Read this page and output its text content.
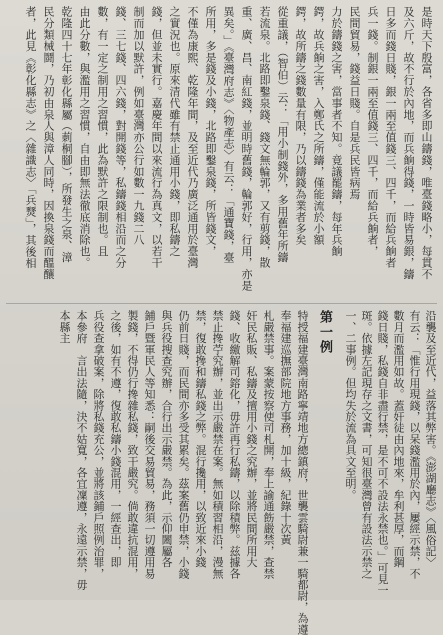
是時天下殷富，各省多即山鑄錢，唯臺錢略小，每貫不
及六斤，故不行於內地，而兵餉得錢，一時皆易銀，鑄
日多而錢日賤，銀一兩至值錢三、四千，而給兵餉者
兵一錢。制銀一兩至值錢三、四千，而給兵餉者，
民間貿易，錢益日賤。自是兵民皆病焉
力於鑄錢之害，當事者不知。竟議罷鑄，每年兵餉
鍔，故兵餉之害，入鄭氏之所鑄，僅能流於小額
鍔，故所鑄之錢數量有限，乃以鑄錢為業者多矣
從重議，（智伯）云：「用小制錢外，多用舊年所鑄
若流泉。北路即鑿泉錢、錢文無輪郭，又有剪錢，散
重、廣、昌、南紅錢，並明時舊錢，輪郭好，行用，亦是
異矣。」《臺灣府志》〈物產志〉有云：「通寶錢，臺
所用，多是錢及小錢，北路即鑿泉錢，所皆錢文，
不僅為康熙、乾隆年間，及至近代乃廣泛通用於臺灣
之實況也。原來清代雖有禁止通用小錢，即私鑄之
錢，但並未實行。嘉慶年間以來流行為真文，以若干
制而加以默許，例如臺灣亦公行如數一九錢二八
錢、三七錢、四六錢，對開錢等，私鑄錢相沿而之分
數，有一定之制用之習慣，此為默許之限制也。且
由此分數，與濫用之習慣，自由即無法徹底消除也。
乾隆四十七年彰化縣屬（莿桐腳），所發生之泉、漳
民分類械鬪，乃初由泉人與漳人同時，因換泉錢而醞釀
者，此見《彰化縣志》之〈雜識志〉「兵燹」，其後相
沿襲及至近代，益落其弊害。《澎湖廳志》〈風俗記〉
有云：「惟行用現錢，以呆錢濫用於內，屢經示禁，不
數月而濫用如故。蓋奸徒由內地來，牟利甚厚，而鋼
錢日賤，私錢自非盡行禁，是不可不設法永禁也。」可見一
斑。依據左記現存之文書，可知很臺灣曾有設法示禁之
一、二事例。但均失於流為具文至明。
第一例
特授福建臺灣南路寧靖地方總鎮府，世襲雲騎尉兼一騎都尉，為遵
奉福建巡撫部院地方事務，加十級，紀錄十次黃
札嚴禁事。案蒙按察使司札開，奉上諭通飭嚴禁，查禁
奸民私販、私鑄及擅用小錢之究辦，並將民間所用大
錢、收繳解司鎔化，毋許再行私鑄，以除積弊。兹據各
禁止搀苧究辦，並出示嚴禁在案。無如積習相沿，漫無
禁，復敢搀和鑄私錢之弊。混行攙用，以致近來小錢
仍前日賤，而民間亦多受其累矣。茲案舊仍申禁，小錢
與兵役搜查究辦，合行出示嚴禁。為此，示仰闔屬各
鋪戶暨軍民人等知悉：嗣後交易貿易，務須一切遵用易
製錢，不得仍行搀雜私錢，致干嚴究。倘敢違抗混用，
之後，如有不遵，復敢私鑄小錢混用，一經查出，即
兵役查拿破案，除將私錢充公，並將該鋪戶照例治罪，
本參府　言出法隨，決不姑寬，各宜凜遵，永遠示禁，毋
本縣主
